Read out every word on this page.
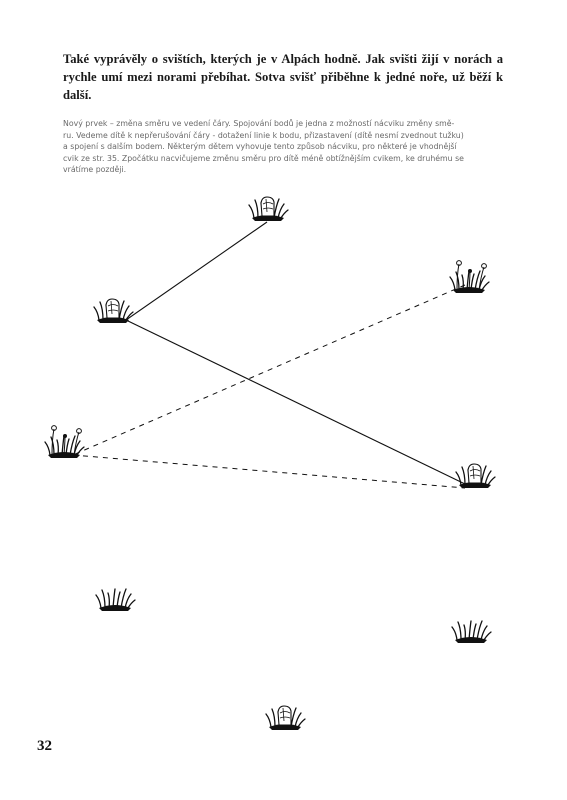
Také vyprávěly o svištích, kterých je v Alpách hodně. Jak svišti žijí v norách a rychle umí mezi norami přebíhat. Sotva svišť přiběhne k jedné noře, už běží k další.

Nový prvek – změna směru ve vedení čáry. Spojování bodů je jedna z možností nácviku změny smě-
ru. Vedeme dítě k nepřerušování čáry - dotažení linie k bodu, přizastavení (dítě nesmí zvednout tužku)
a spojení s dalším bodem. Některým dětem vyhovuje tento způsob nácviku, pro některé je vhodnější
cvik ze str. 35. Zpočátku nacvičujeme změnu směru pro dítě méně obtížnějším cvikem, ke druhému se
vrátíme později.
32
